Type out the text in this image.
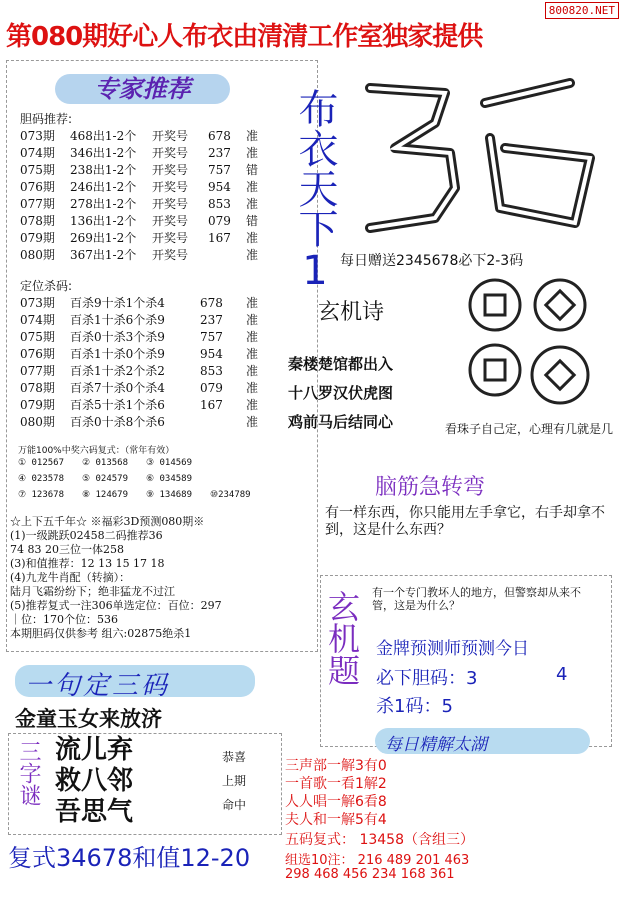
第080期好心人布衣由清清工作室独家提供
800820.NET
专家推荐
胆码推荐:
073期	468出1-2个	开奖号	678	准
074期	346出1-2个	开奖号	237	准
075期	238出1-2个	开奖号	757	错
076期	246出1-2个	开奖号	954	准
077期	278出1-2个	开奖号	853	准
078期	136出1-2个	开奖号	079	错
079期	269出1-2个	开奖号	167	准
080期	367出1-2个	开奖号		准
定位杀码:
073期	百杀9十杀1个杀4	678	准
074期	百杀1十杀6个杀9	237	准
075期	百杀0十杀3个杀9	757	准
076期	百杀1十杀0个杀9	954	准
077期	百杀1十杀2个杀2	853	准
078期	百杀7十杀0个杀4	079	准
079期	百杀5十杀1个杀6	167	准
080期	百杀0十杀8个杀6		准
万能100%中奖六码复式：（常年有效）
① 012567 ② 013568 ③ 014569
④ 023578 ⑤ 024579 ⑥ 034589
⑦ 123678 ⑧ 124679 ⑨ 134689 ⑩234789
☆上下五千年☆ ※福彩3D预测080期※
(1)一级跳跃02458二码推荐36
74 83 20三位一体258
(3)和值推荐：12 13 15 17 18
(4)九龙牛肖配（转摘）：
陆月飞霜纷纷下；绝非猛龙不过江
(5)推荐复式一注306单选定位：百位：297
｜位：170个位：536
本期胆码仅供参考 组六:02875绝杀1
布衣天下1 每日赠送2345678必下2-3码
玄机诗
秦楼楚馆都出入
十八罗汉伏虎图
鸡前马后结同心	看珠子自己定，心理有几就是几
脑筋急转弯
有一样东西，你只能用左手拿它，右手却拿不到，这是什么东西？
玄机题 有一个专门教坏人的地方，但警察却从来不管，这是为什么？
金牌预测师预测今日
必下胆码：3	4
杀1码：5
每日精解太湖
一句定三码
金童玉女来放济
三字谜 流儿弃
救八邻
吾思气
恭喜
上期
命中
复式34678和值12-20
三声部一解3有0
一首歌一看1解2
人人唱一解6看8
夫人和一解5有4
五码复式： 13458（含组三）
组选10注： 216 489 201 463
298 468 456 234 168 361
